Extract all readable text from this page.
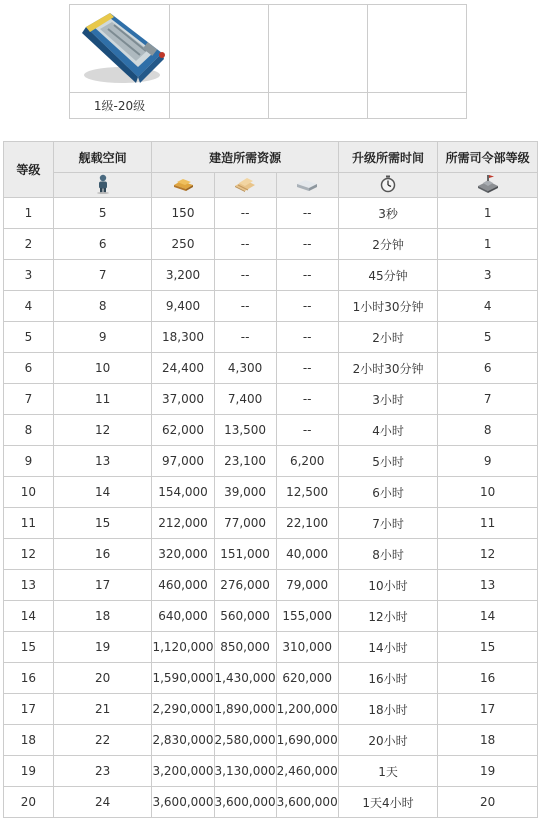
1级-20级			
等级	舰载空间	建造所需资源			升级所需时间	所需司令部等级

1	5	150	--	--	3秒	1
2	6	250	--	--	2分钟	1
3	7	3,200	--	--	45分钟	3
4	8	9,400	--	--	1小时30分钟	4
5	9	18,300	--	--	2小时	5
6	10	24,400	4,300	--	2小时30分钟	6
7	11	37,000	7,400	--	3小时	7
8	12	62,000	13,500	--	4小时	8
9	13	97,000	23,100	6,200	5小时	9
10	14	154,000	39,000	12,500	6小时	10
11	15	212,000	77,000	22,100	7小时	11
12	16	320,000	151,000	40,000	8小时	12
13	17	460,000	276,000	79,000	10小时	13
14	18	640,000	560,000	155,000	12小时	14
15	19	1,120,000	850,000	310,000	14小时	15
16	20	1,590,000	1,430,000	620,000	16小时	16
17	21	2,290,000	1,890,000	1,200,000	18小时	17
18	22	2,830,000	2,580,000	1,690,000	20小时	18
19	23	3,200,000	3,130,000	2,460,000	1天	19
20	24	3,600,000	3,600,000	3,600,000	1天4小时	20
